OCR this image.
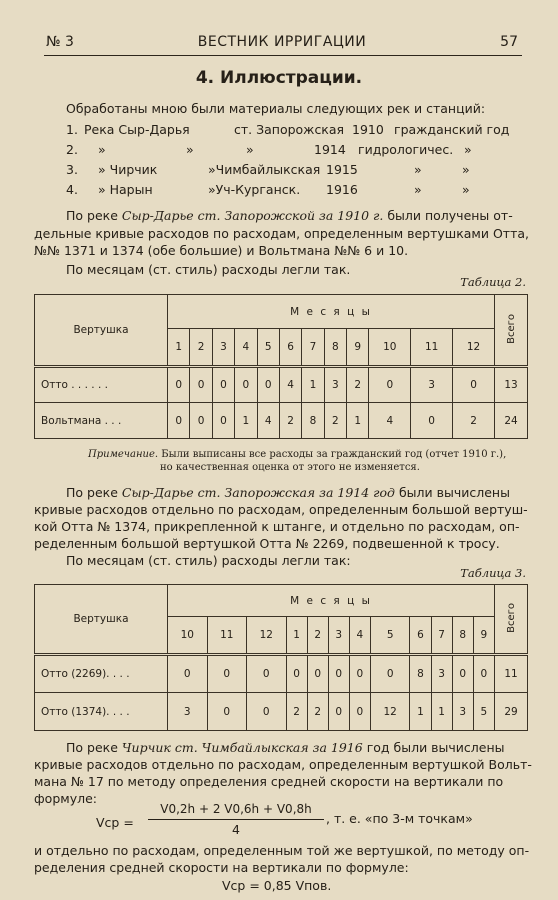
№ 3	ВЕСТНИК ИРРИГАЦИИ	57
4. Иллюстрации.
Обработаны мною были материалы следующих рек и станций:
1. Река Сыр-Дарья	ст. Запорожская 1910 гражданский год
2. »	»	»	1914 гидрологичес. »
3. » Чирчик	»Чимбайлыкская 1915	»	»
4. » Нарын	»Уч-Курганск. 1916	»	»
По реке Сыр-Дарье ст. Запорожской за 1910 г. были получены от-
дельные кривые расходов по расходам, определенным вертушками Отта,
№№ 1371 и 1374 (обе большие) и Вольтмана №№ 6 и 10.
По месяцам (ст. стиль) расходы легли так.
Таблица 2.
Вертушка	М е с я ц ы												Всего
	1	2	3	4	5	6	7	8	9	10	11	12	
Отто . . . . . .	0	0	0	0	0	4	1	3	2	0	3	0	13
Вольтмана . . .	0	0	0	1	4	2	8	2	1	4	0	2	24
Примечание. Были выписаны все расходы за гражданский год (отчет 1910 г.),
но качественная оценка от этого не изменяется.
По реке Сыр-Дарье ст. Запорожская за 1914 год были вычислены
кривые расходов отдельно по расходам, определенным большой вертуш-
кой Отта № 1374, прикрепленной к штанге, и отдельно по расходам, оп-
ределенным большой вертушкой Отта № 2269, подвешенной к тросу.
По месяцам (ст. стиль) расходы легли так:
Таблица 3.
Вертушка	М е с я ц ы												Всего
	10	11	12	1	2	3	4	5	6	7	8	9	
Отто (2269). . . .	0	0	0	0	0	0	0	0	8	3	0	0	11
Отто (1374). . . .	3	0	0	2	2	0	0	12	1	1	3	5	29
По реке Чирчик ст. Чимбайлыкская за 1916 год были вычислены
кривые расходов отдельно по расходам, определенным вертушкой Вольт-
мана № 17 по методу определения средней скорости на вертикали по
формуле:
Vср =
V0,2h + 2 V0,6h + V0,8h
4
, т. е. «по 3-м точкам»
и отдельно по расходам, определенным той же вертушкой, по методу оп-
ределения средней скорости на вертикали по формуле:
Vср = 0,85 Vпов.
